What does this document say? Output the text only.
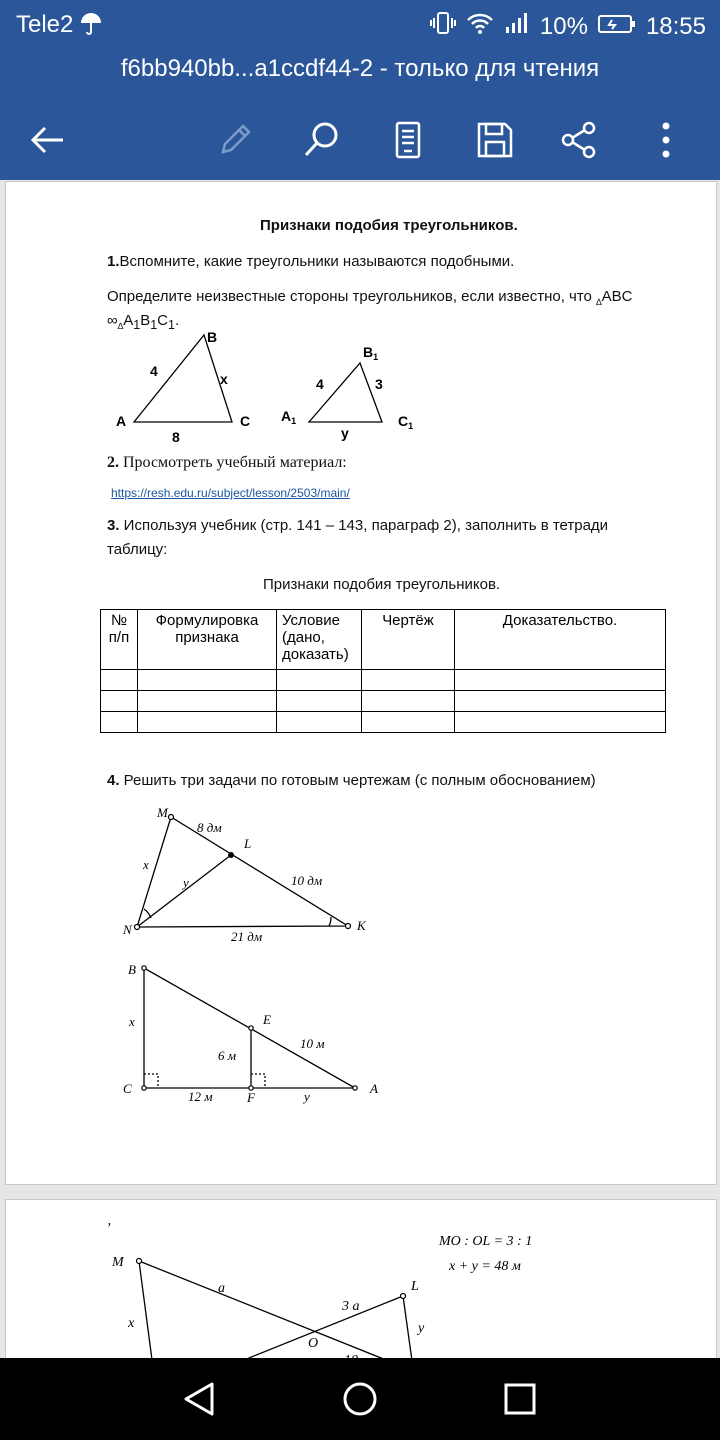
Tele2	10% 18:55
f6bb940bb...a1ccdf44-2 - только для чтения
Признаки подобия треугольников.
1.Вспомните, какие треугольники называются подобными.
Определите неизвестные стороны треугольников, если известно, что $_\Delta$ABC
$\infty_\Delta A_1B_1C_1$.
B
A	C
4	x
8
$B_1$
$A_1$	$C_1$
4	3
y
2. Просмотреть учебный материал:
https://resh.edu.ru/subject/lesson/2503/main/
3. Используя учебник (стр. 141 – 143, параграф 2), заполнить в тетради
таблицу:
Признаки подобия треугольников.
№ п/п	Формулировка признака	Условие (дано, доказать)	Чертёж	Доказательство.

4. Решить три задачи по готовым чертежам (с полным обоснованием)
M
L
N	K
8 дм
10 дм
21 дм
x
y
B
E
C
F
A
x
6 м
10 м
12 м	y
’
M
L
O
x	y
a
3 a
MO : OL = 3 : 1
x + y = 48 м
